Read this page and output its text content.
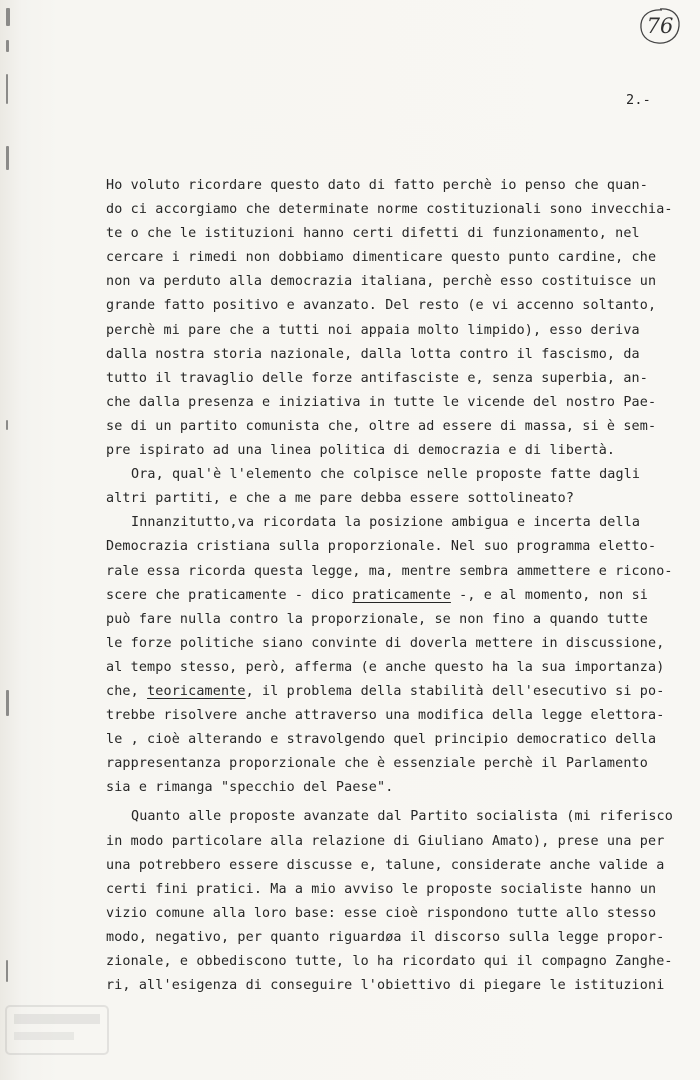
76
2.-
Ho voluto ricordare questo dato di fatto perchè io penso che quan-
do ci accorgiamo che determinate norme costituzionali sono invecchia-
te o che le istituzioni hanno certi difetti di funzionamento, nel
cercare i rimedi non dobbiamo dimenticare questo punto cardine, che
non va perduto alla democrazia italiana, perchè esso costituisce un
grande fatto positivo e avanzato. Del resto (e vi accenno soltanto,
perchè mi pare che a tutti noi appaia molto limpido), esso deriva
dalla nostra storia nazionale, dalla lotta contro il fascismo, da
tutto il travaglio delle forze antifasciste e, senza superbia, an-
che dalla presenza e iniziativa in tutte le vicende del nostro Pae-
se di un partito comunista che, oltre ad essere di massa, si è sem-
pre ispirato ad una linea politica di democrazia e di libertà.
Ora, qual'è l'elemento che colpisce nelle proposte fatte dagli
altri partiti, e che a me pare debba essere sottolineato?
Innanzitutto,va ricordata la posizione ambigua e incerta della
Democrazia cristiana sulla proporzionale. Nel suo programma eletto-
rale essa ricorda questa legge, ma, mentre sembra ammettere e ricono-
scere che praticamente - dico praticamente -, e al momento, non si
può fare nulla contro la proporzionale, se non fino a quando tutte
le forze politiche siano convinte di doverla mettere in discussione,
al tempo stesso, però, afferma (e anche questo ha la sua importanza)
che, teoricamente, il problema della stabilità dell'esecutivo si po-
trebbe risolvere anche attraverso una modifica della legge elettora-
le , cioè alterando e stravolgendo quel principio democratico della
rappresentanza proporzionale che è essenziale perchè il Parlamento
sia e rimanga "specchio del Paese".
Quanto alle proposte avanzate dal Partito socialista (mi riferisco
in modo particolare alla relazione di Giuliano Amato), prese una per
una potrebbero essere discusse e, talune, considerate anche valide a
certi fini pratici. Ma a mio avviso le proposte socialiste hanno un
vizio comune alla loro base: esse cioè rispondono tutte allo stesso
modo, negativo, per quanto riguardøa il discorso sulla legge propor-
zionale, e obbediscono tutte, lo ha ricordato qui il compagno Zanghe-
ri, all'esigenza di conseguire l'obiettivo di piegare le istituzioni
